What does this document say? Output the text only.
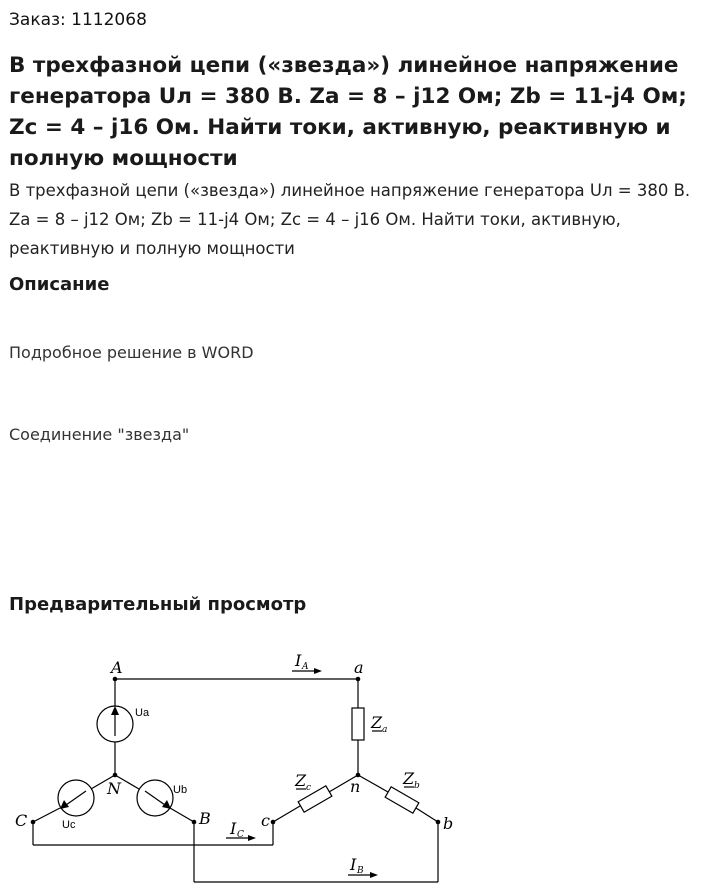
Заказ: 1112068
В трехфазной цепи («звезда») линейное напряжение генератора Uл = 380 В. Zа = 8 – j12 Ом; Zb = 11-j4 Ом; Zc = 4 – j16 Ом. Найти токи, активную, реактивную и полную мощности

В трехфазной цепи («звезда») линейное напряжение генератора Uл = 380 В. Zа = 8 – j12 Ом; Zb = 11-j4 Ом; Zc = 4 – j16 Ом. Найти токи, активную, реактивную и полную мощности

Описание

Подробное решение в WORD

Соединение "звезда"

Предварительный просмотр
A	a
N	n
C	B	c	b
Ua
Ub
Uc
I A
I C
I B
Z a
Z b
Z c
